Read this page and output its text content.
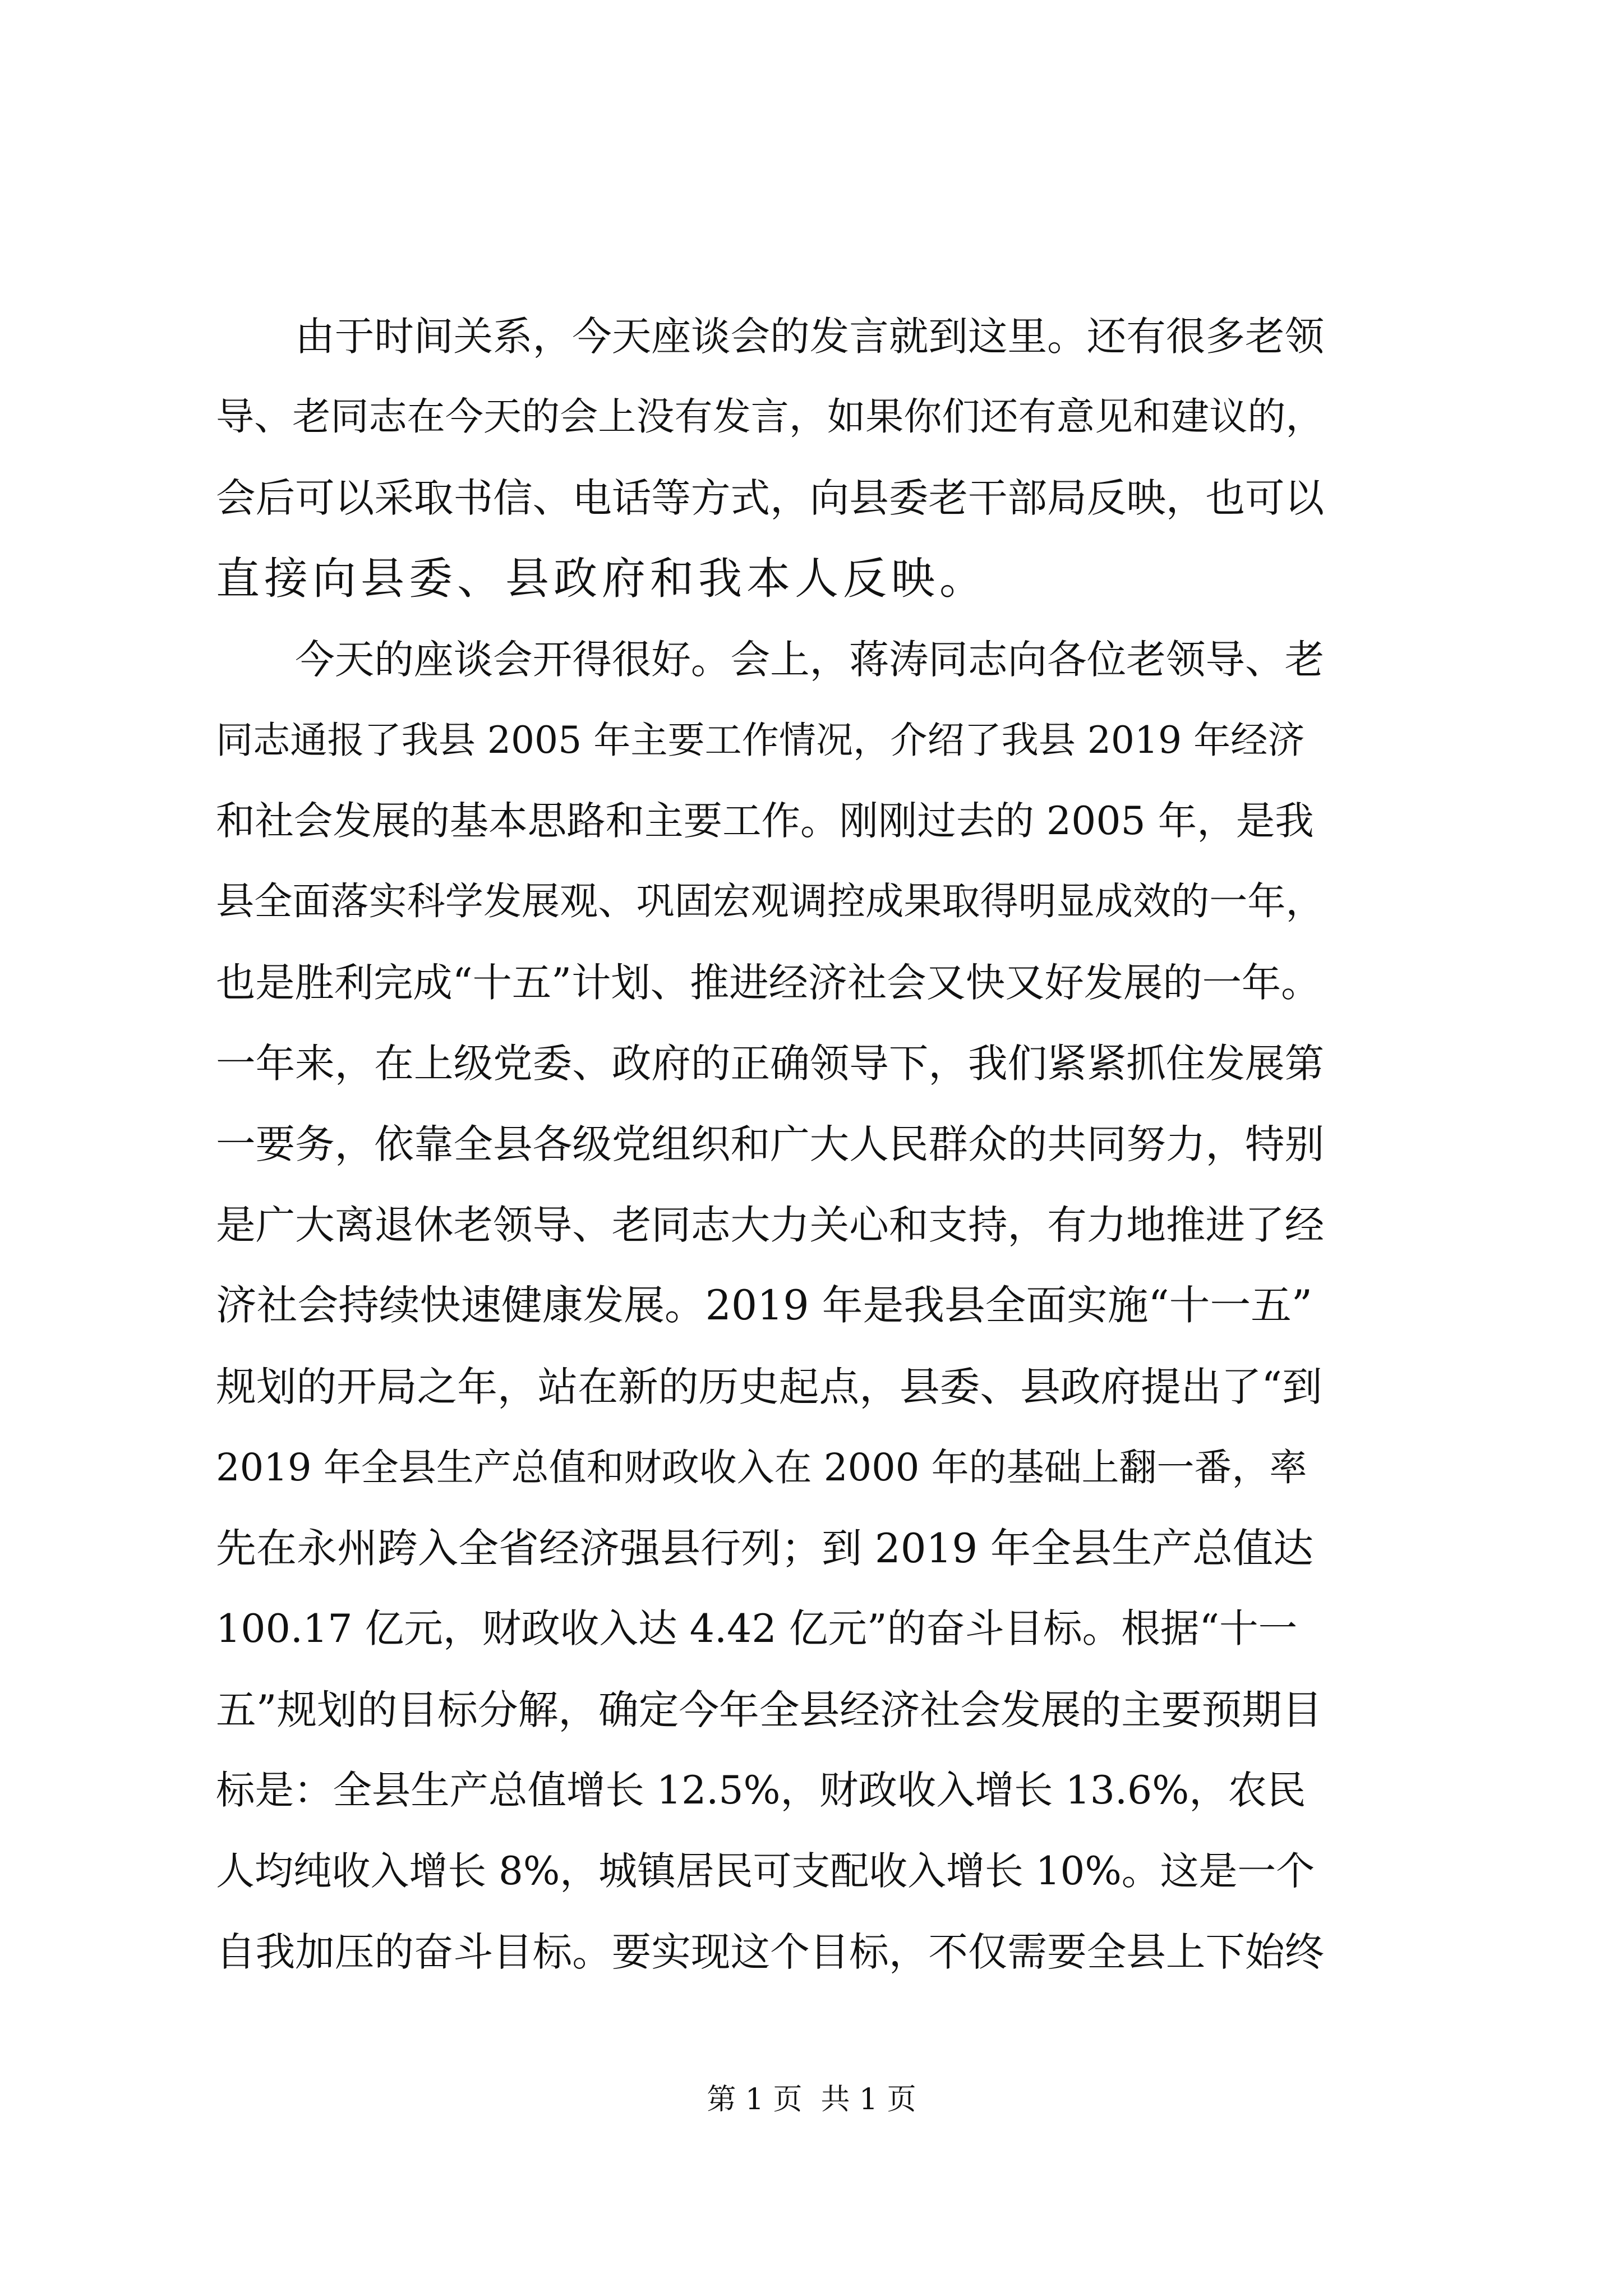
　　由于时间关系，今天座谈会的发言就到这里。还有很多老领
导、老同志在今天的会上没有发言，如果你们还有意见和建议的，
会后可以采取书信、电话等方式，向县委老干部局反映，也可以
直接向县委、县政府和我本人反映。
　　今天的座谈会开得很好。会上，蒋涛同志向各位老领导、老
同志通报了我县 2005 年主要工作情况，介绍了我县 2019 年经济
和社会发展的基本思路和主要工作。刚刚过去的 2005 年，是我
县全面落实科学发展观、巩固宏观调控成果取得明显成效的一年，
也是胜利完成“十五”计划、推进经济社会又快又好发展的一年。
一年来，在上级党委、政府的正确领导下，我们紧紧抓住发展第
一要务，依靠全县各级党组织和广大人民群众的共同努力，特别
是广大离退休老领导、老同志大力关心和支持，有力地推进了经
济社会持续快速健康发展。2019 年是我县全面实施“十一五”
规划的开局之年，站在新的历史起点，县委、县政府提出了“到
2019 年全县生产总值和财政收入在 2000 年的基础上翻一番，率
先在永州跨入全省经济强县行列；到 2019 年全县生产总值达
100.17 亿元，财政收入达 4.42 亿元”的奋斗目标。根据“十一
五”规划的目标分解，确定今年全县经济社会发展的主要预期目
标是：全县生产总值增长 12.5%，财政收入增长 13.6%，农民
人均纯收入增长 8%，城镇居民可支配收入增长 10%。这是一个
自我加压的奋斗目标。要实现这个目标，不仅需要全县上下始终
第 1 页  共 1 页
